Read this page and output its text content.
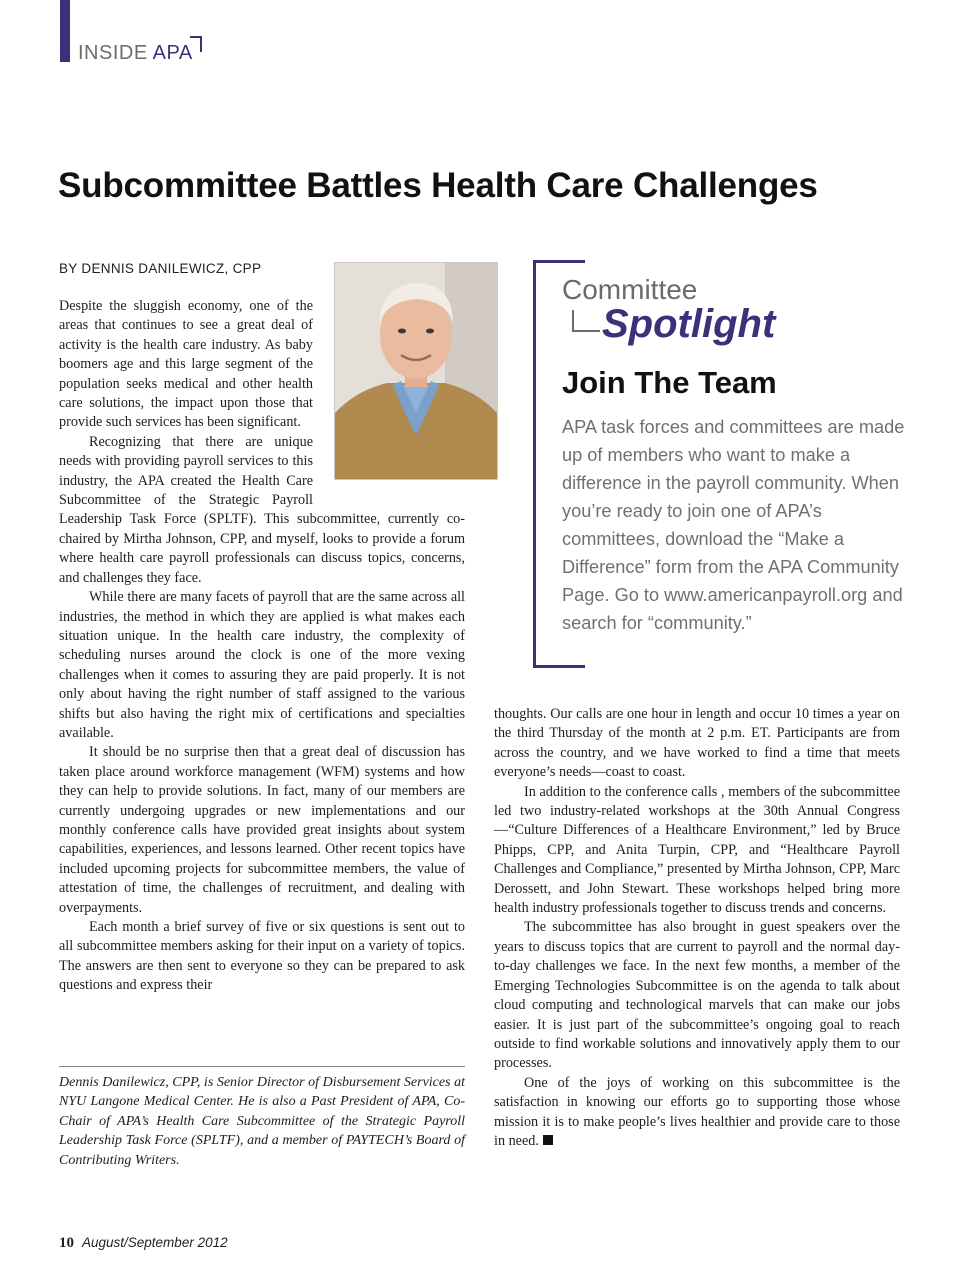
INSIDE APA
Subcommittee Battles Health Care Challenges
BY DENNIS DANILEWICZ, CPP

Despite the sluggish economy, one of the areas that continues to see a great deal of activity is the health care industry. As baby boomers age and this large segment of the population seeks medical and other health care solutions, the impact upon those that provide such services has been significant.

Recognizing that there are unique needs with providing payroll services to this industry, the APA created the Health Care Subcommittee of the Strategic Payroll Leadership Task Force (SPLTF). This subcommittee, currently co-chaired by Mirtha Johnson, CPP, and myself, looks to provide a forum where health care payroll professionals can discuss topics, concerns, and challenges they face.

While there are many facets of payroll that are the same across all industries, the method in which they are applied is what makes each situation unique. In the health care industry, the complexity of scheduling nurses around the clock is one of the more vexing challenges when it comes to assuring they are paid properly. It is not only about having the right number of staff assigned to the various shifts but also having the right mix of certifications and specialties available.

It should be no surprise then that a great deal of discussion has taken place around workforce management (WFM) systems and how they can help to provide solutions. In fact, many of our members are currently undergoing upgrades or new implementations and our monthly conference calls have provided great insights about system capabilities, experiences, and lessons learned. Other recent topics have included upcoming projects for subcommittee members, the value of attestation of time, the challenges of recruitment, and dealing with overpayments.

Each month a brief survey of five or six questions is sent out to all subcommittee members asking for their input on a variety of topics. The answers are then sent to everyone so they can be prepared to ask questions and express their

Committee
Spotlight
Join The Team

APA task forces and committees are made up of members who want to make a difference in the payroll community. When you’re ready to join one of APA’s committees, download the “Make a Difference” form from the APA Community Page. Go to www.americanpayroll.org and search for “community.”

thoughts. Our calls are one hour in length and occur 10 times a year on the third Thursday of the month at 2 p.m. ET. Participants are from across the country, and we have worked to find a time that meets everyone’s needs—coast to coast.

In addition to the conference calls , members of the subcommittee led two industry-related workshops at the 30th Annual Congress—“Culture Differences of a Healthcare Environment,” led by Bruce Phipps, CPP, and Anita Turpin, CPP, and “Healthcare Payroll Challenges and Compliance,” presented by Mirtha Johnson, CPP, Marc Derossett, and John Stewart. These workshops helped bring more health industry professionals together to discuss trends and concerns.

The subcommittee has also brought in guest speakers over the years to discuss topics that are current to payroll and the normal day-to-day challenges we face. In the next few months, a member of the Emerging Technologies Subcommittee is on the agenda to talk about cloud computing and technological marvels that can make our jobs easier. It is just part of the subcommittee’s ongoing goal to reach outside to find workable solutions and innovatively apply them to our processes.

One of the joys of working on this subcommittee is the satisfaction in knowing our efforts go to supporting those whose mission it is to make people’s lives healthier and provide care to those in need.

Dennis Danilewicz, CPP, is Senior Director of Disbursement Services at NYU Langone Medical Center. He is also a Past President of APA, Co-Chair of APA’s Health Care Subcommittee of the Strategic Payroll Leadership Task Force (SPLTF), and a member of PAYTECH’s Board of Contributing Writers.

10 August/September 2012
